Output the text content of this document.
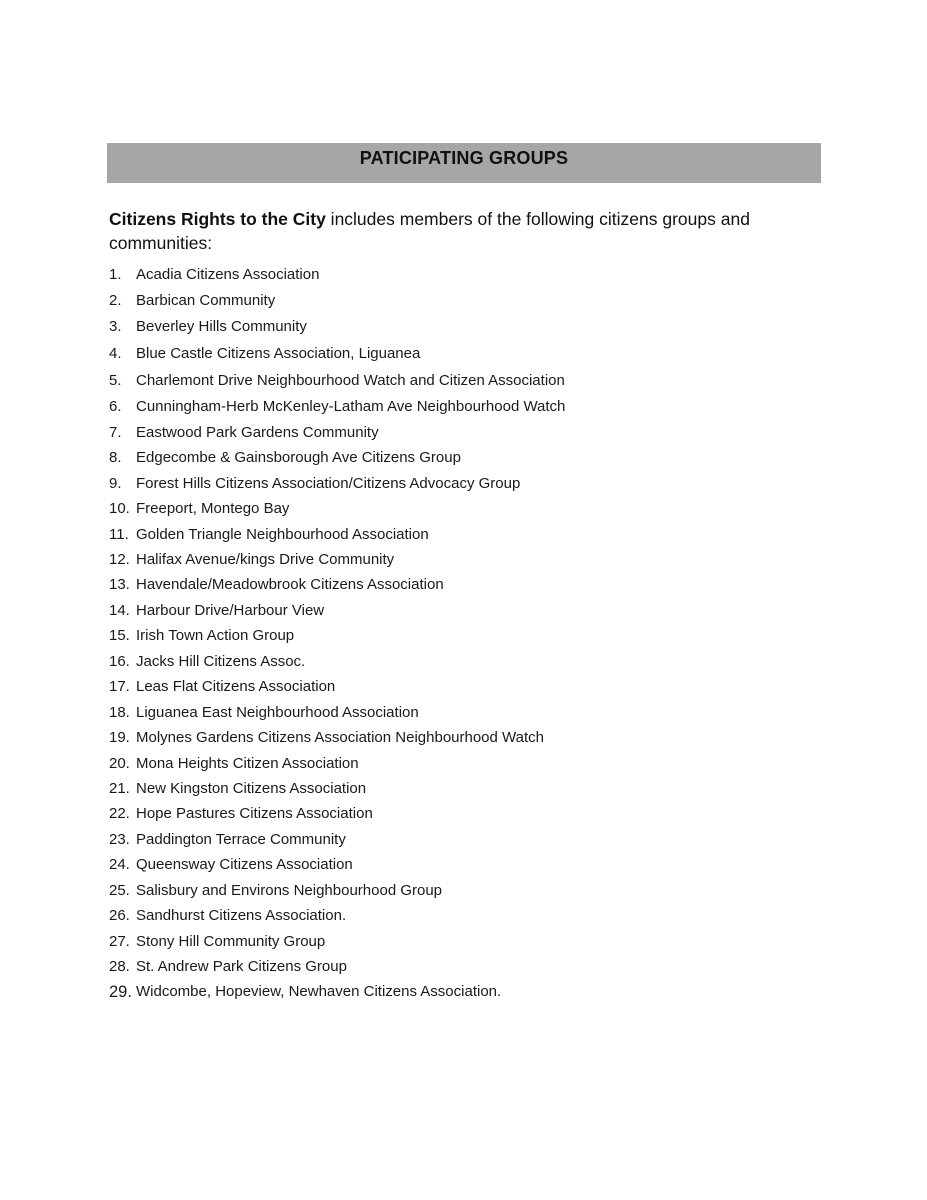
PATICIPATING GROUPS

Citizens Rights to the City includes members of the following citizens groups and communities:

1. Acadia Citizens Association
2. Barbican Community
3. Beverley Hills Community
4. Blue Castle Citizens Association, Liguanea
5. Charlemont Drive Neighbourhood Watch and Citizen Association
6. Cunningham-Herb McKenley-Latham Ave Neighbourhood Watch
7. Eastwood Park Gardens Community
8. Edgecombe & Gainsborough Ave Citizens Group
9. Forest Hills Citizens Association/Citizens Advocacy Group
10. Freeport, Montego Bay
11. Golden Triangle Neighbourhood Association
12. Halifax Avenue/kings Drive Community
13. Havendale/Meadowbrook Citizens Association
14. Harbour Drive/Harbour View
15. Irish Town Action Group
16. Jacks Hill Citizens Assoc.
17. Leas Flat Citizens Association
18. Liguanea East Neighbourhood Association
19. Molynes Gardens Citizens Association Neighbourhood Watch
20. Mona Heights Citizen Association
21. New Kingston Citizens Association
22. Hope Pastures Citizens Association
23. Paddington Terrace Community
24. Queensway Citizens Association
25. Salisbury and Environs Neighbourhood Group
26. Sandhurst Citizens Association.
27. Stony Hill Community Group
28. St. Andrew Park Citizens Group
29. Widcombe, Hopeview, Newhaven Citizens Association.
